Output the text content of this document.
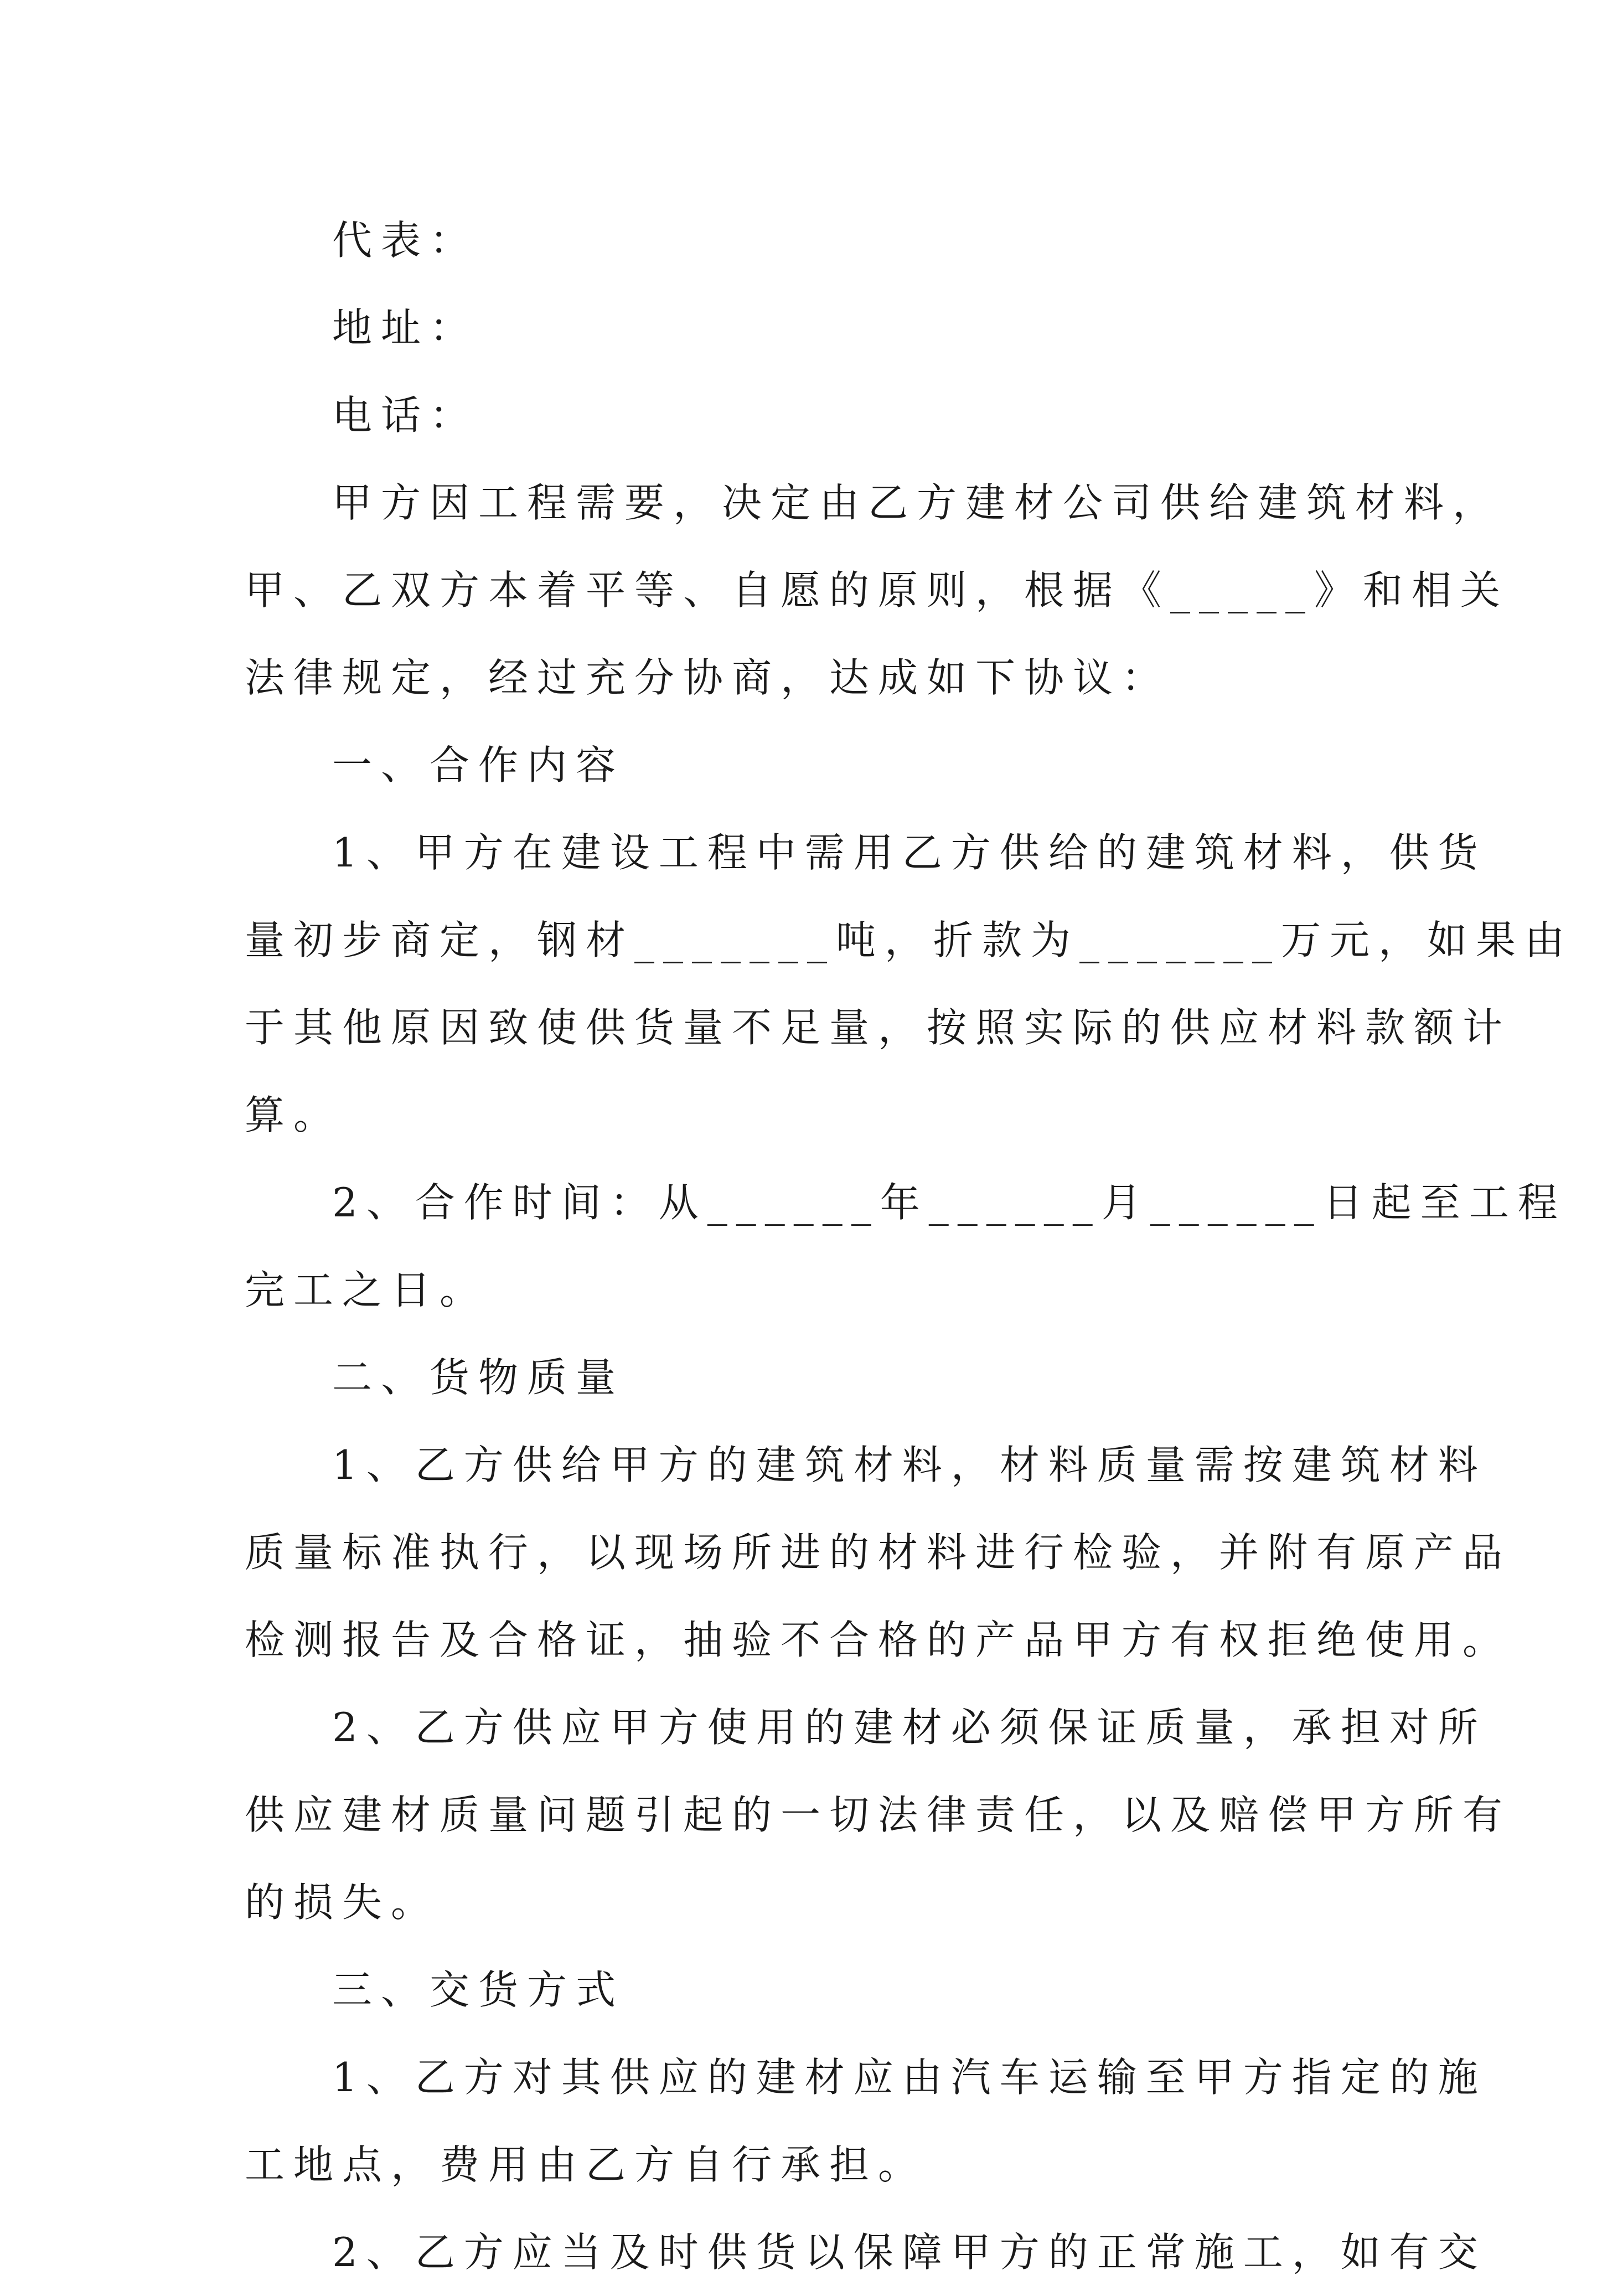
代表：
地址：
电话：
甲方因工程需要，决定由乙方建材公司供给建筑材料，
甲、乙双方本着平等、自愿的原则，根据《_____》和相关
法律规定，经过充分协商，达成如下协议：
一、合作内容
1、甲方在建设工程中需用乙方供给的建筑材料，供货
量初步商定，钢材_______吨，折款为_______万元，如果由
于其他原因致使供货量不足量，按照实际的供应材料款额计
算。
2、合作时间：从______年______月______日起至工程
完工之日。
二、货物质量
1、乙方供给甲方的建筑材料，材料质量需按建筑材料
质量标准执行，以现场所进的材料进行检验，并附有原产品
检测报告及合格证，抽验不合格的产品甲方有权拒绝使用。
2、乙方供应甲方使用的建材必须保证质量，承担对所
供应建材质量问题引起的一切法律责任，以及赔偿甲方所有
的损失。
三、交货方式
1、乙方对其供应的建材应由汽车运输至甲方指定的施
工地点，费用由乙方自行承担。
2、乙方应当及时供货以保障甲方的正常施工，如有交
